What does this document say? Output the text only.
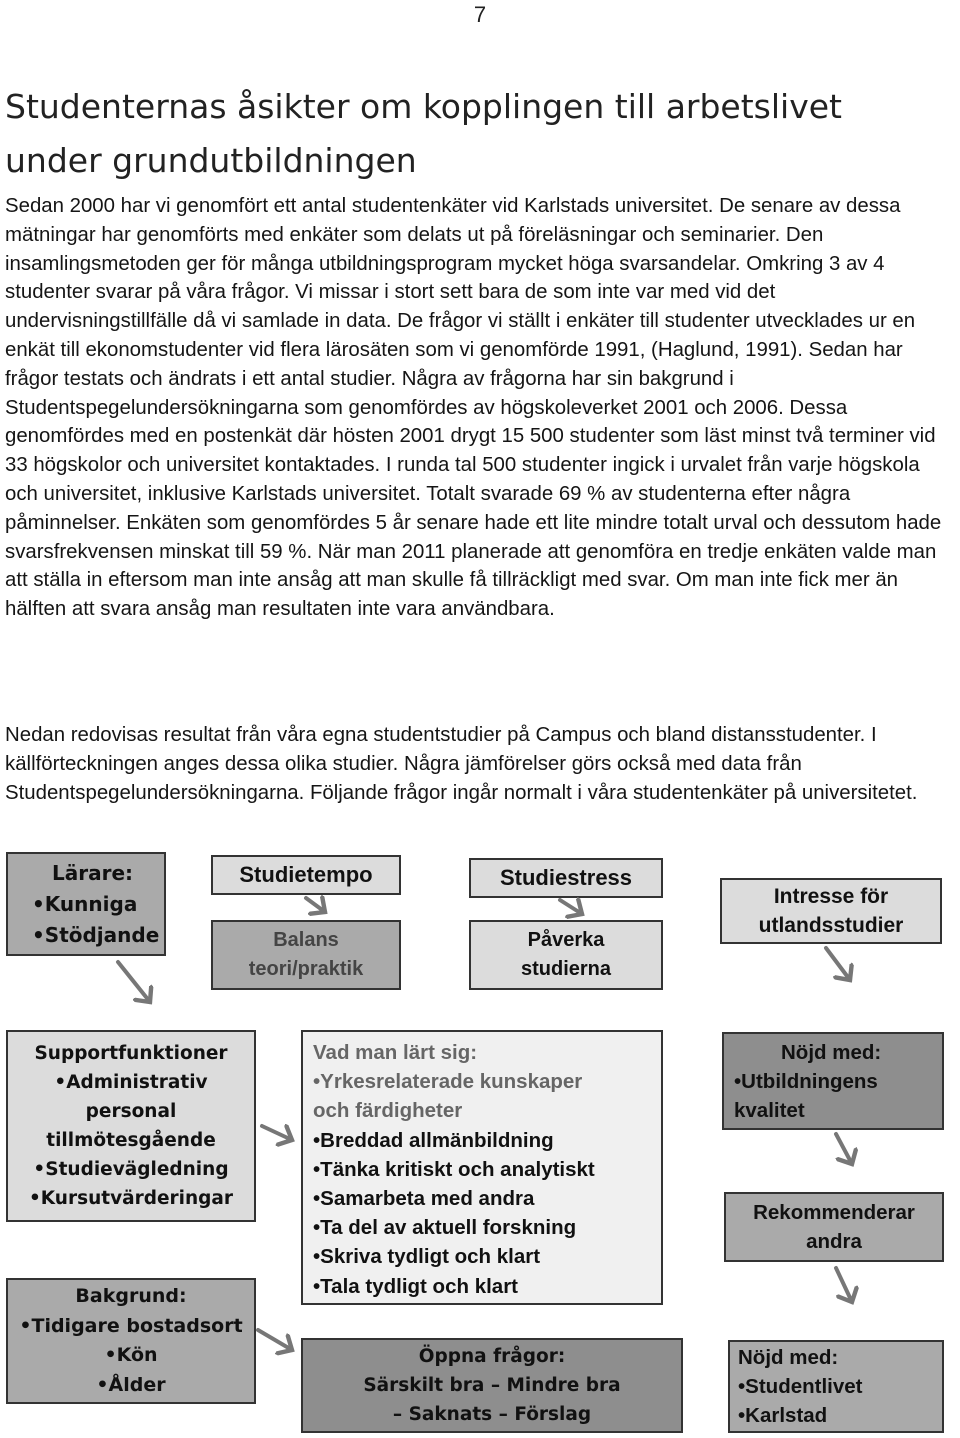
7
Studenternas åsikter om kopplingen till arbetslivet
under grundutbildningen

Sedan 2000 har vi genomfört ett antal studentenkäter vid Karlstads universitet. De senare av dessa mätningar har genomförts med enkäter som delats ut på föreläsningar och seminarier. Den insamlingsmetoden ger för många utbildningsprogram mycket höga svarsandelar. Omkring 3 av 4 studenter svarar på våra frågor. Vi missar i stort sett bara de som inte var med vid det undervisningstillfälle då vi samlade in data. De frågor vi ställt i enkäter till studenter utvecklades ur en enkät till ekonomstudenter vid flera lärosäten som vi genomförde 1991, (Haglund, 1991). Sedan har frågor testats och ändrats i ett antal studier. Några av frågorna har sin bakgrund i Studentspegelundersökningarna som genomfördes av högskoleverket 2001 och 2006. Dessa genomfördes med en postenkät där hösten 2001 drygt 15 500 studenter som läst minst två terminer vid 33 högskolor och universitet kontaktades. I runda tal 500 studenter ingick i urvalet från varje högskola och universitet, inklusive Karlstads universitet. Totalt svarade 69 % av studenterna efter några påminnelser. Enkäten som genomfördes 5 år senare hade ett lite mindre totalt urval och dessutom hade svarsfrekvensen minskat till 59 %. När man 2011 planerade att genomföra en tredje enkäten valde man att ställa in eftersom man inte ansåg att man skulle få tillräckligt med svar. Om man inte fick mer än hälften att svara ansåg man resultaten inte vara användbara.

Nedan redovisas resultat från våra egna studentstudier på Campus och bland distansstudenter. I källförteckningen anges dessa olika studier. Några jämförelser görs också med data från Studentspegelundersökningarna. Följande frågor ingår normalt i våra studentenkäter på universitetet.

Lärare:
•Kunniga
•Stödjande
Studietempo
Balans
teori/praktik
Studiestress
Påverka
studierna
Intresse för
utlandsstudier
Supportfunktioner
•Administrativ
personal
tillmötesgående
•Studievägledning
•Kursutvärderingar
Vad man lärt sig:
•Yrkesrelaterade kunskaper
och färdigheter
•Breddad allmänbildning
•Tänka kritiskt och analytiskt
•Samarbeta med andra
•Ta del av aktuell forskning
•Skriva tydligt och klart
•Tala tydligt och klart
Nöjd med:
•Utbildningens
kvalitet
Rekommenderar
andra
Bakgrund:
•Tidigare bostadsort
•Kön
•Ålder
Öppna frågor:
Särskilt bra – Mindre bra
– Saknats – Förslag
Nöjd med:
•Studentlivet
•Karlstad
